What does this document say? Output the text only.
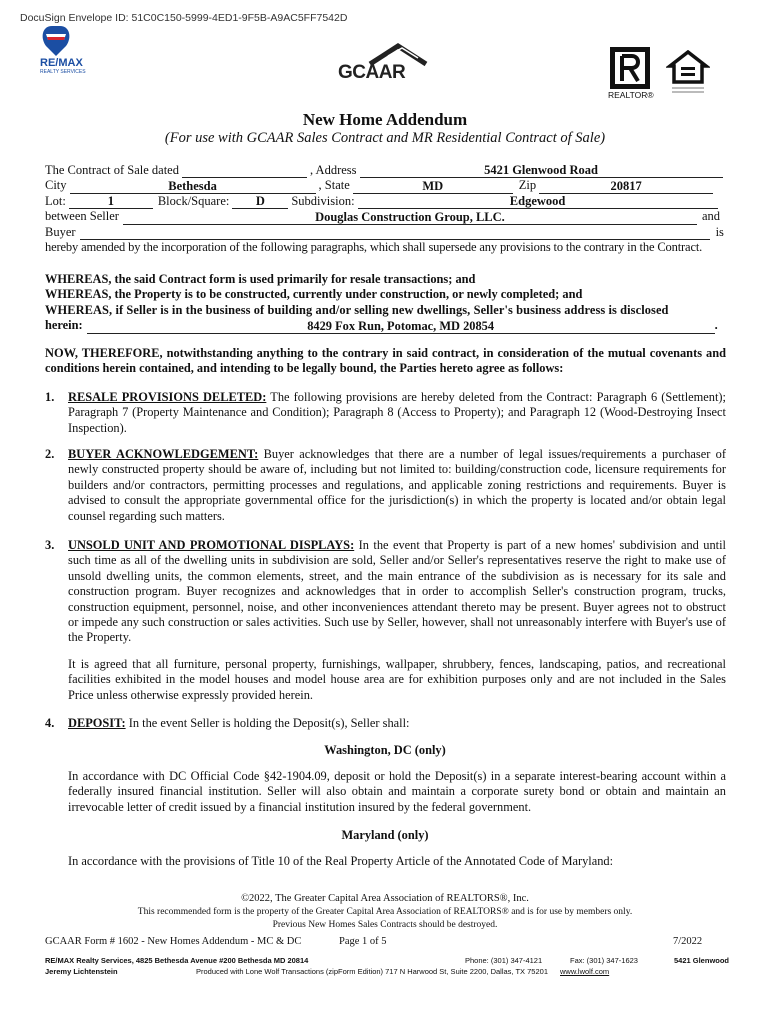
DocuSign Envelope ID: 51C0C150-5999-4ED1-9F5B-A9AC5FF7542D
RE/MAX
REALTY SERVICES	GCAAR
REALTOR®
New Home Addendum
(For use with GCAAR Sales Contract and MR Residential Contract of Sale)
The Contract of Sale dated	, Address	5421 Glenwood Road
City	Bethesda	, State	MD	Zip	20817
Lot:	1	Block/Square:	D	Subdivision:	Edgewood
between Seller	Douglas Construction Group, LLC.	and
Buyer	is
hereby amended by the incorporation of the following paragraphs, which shall supersede any provisions to the contrary in the Contract.
WHEREAS, the said Contract form is used primarily for resale transactions; and
WHEREAS, the Property is to be constructed, currently under construction, or newly completed; and
WHEREAS, if Seller is in the business of building and/or selling new dwellings, Seller's business address is disclosed
herein:	8429 Fox Run, Potomac, MD 20854	.
NOW, THEREFORE, notwithstanding anything to the contrary in said contract, in consideration of the mutual covenants and conditions herein contained, and intending to be legally bound, the Parties hereto agree as follows:
1. RESALE PROVISIONS DELETED: The following provisions are hereby deleted from the Contract: Paragraph 6 (Settlement); Paragraph 7 (Property Maintenance and Condition); Paragraph 8 (Access to Property); and Paragraph 12 (Wood-Destroying Insect Inspection).
2. BUYER ACKNOWLEDGEMENT: Buyer acknowledges that there are a number of legal issues/requirements a purchaser of newly constructed property should be aware of, including but not limited to: building/construction code, licensure requirements for builders and/or contractors, permitting processes and regulations, and applicable zoning restrictions and requirements. Buyer is advised to consult the appropriate governmental office for the jurisdiction(s) in which the property is located and/or obtain legal counsel regarding such matters.
3. UNSOLD UNIT AND PROMOTIONAL DISPLAYS: In the event that Property is part of a new homes' subdivision and until such time as all of the dwelling units in subdivision are sold, Seller and/or Seller's representatives reserve the right to make use of unsold dwelling units, the common elements, street, and the main entrance of the subdivision as is necessary for its sale and construction program. Buyer recognizes and acknowledges that in order to accomplish Seller's construction program, trucks, construction equipment, personnel, noise, and other inconveniences attendant thereto may be present. Buyer agrees not to obstruct or impede any such construction or sales activities. Such use by Seller, however, shall not unreasonably interfere with Buyer's use of the Property.
It is agreed that all furniture, personal property, furnishings, wallpaper, shrubbery, fences, landscaping, patios, and recreational facilities exhibited in the model houses and model house area are for exhibition purposes only and are not included in the Sales Price unless otherwise expressly provided herein.
4. DEPOSIT: In the event Seller is holding the Deposit(s), Seller shall:
Washington, DC (only)
In accordance with DC Official Code §42-1904.09, deposit or hold the Deposit(s) in a separate interest-bearing account within a federally insured financial institution. Seller will also obtain and maintain a corporate surety bond or obtain and maintain an irrevocable letter of credit issued by a financial institution insured by the federal government.
Maryland (only)
In accordance with the provisions of Title 10 of the Real Property Article of the Annotated Code of Maryland:
©2022, The Greater Capital Area Association of REALTORS®, Inc.
This recommended form is the property of the Greater Capital Area Association of REALTORS® and is for use by members only.
Previous New Homes Sales Contracts should be destroyed.
GCAAR Form # 1602 - New Homes Addendum - MC & DC	Page 1 of 5	7/2022
RE/MAX Realty Services, 4825 Bethesda Avenue #200 Bethesda MD 20814	Phone: (301) 347-4121	Fax: (301) 347-1623	5421 Glenwood
Jeremy Lichtenstein	Produced with Lone Wolf Transactions (zipForm Edition) 717 N Harwood St, Suite 2200, Dallas, TX 75201 www.lwolf.com
